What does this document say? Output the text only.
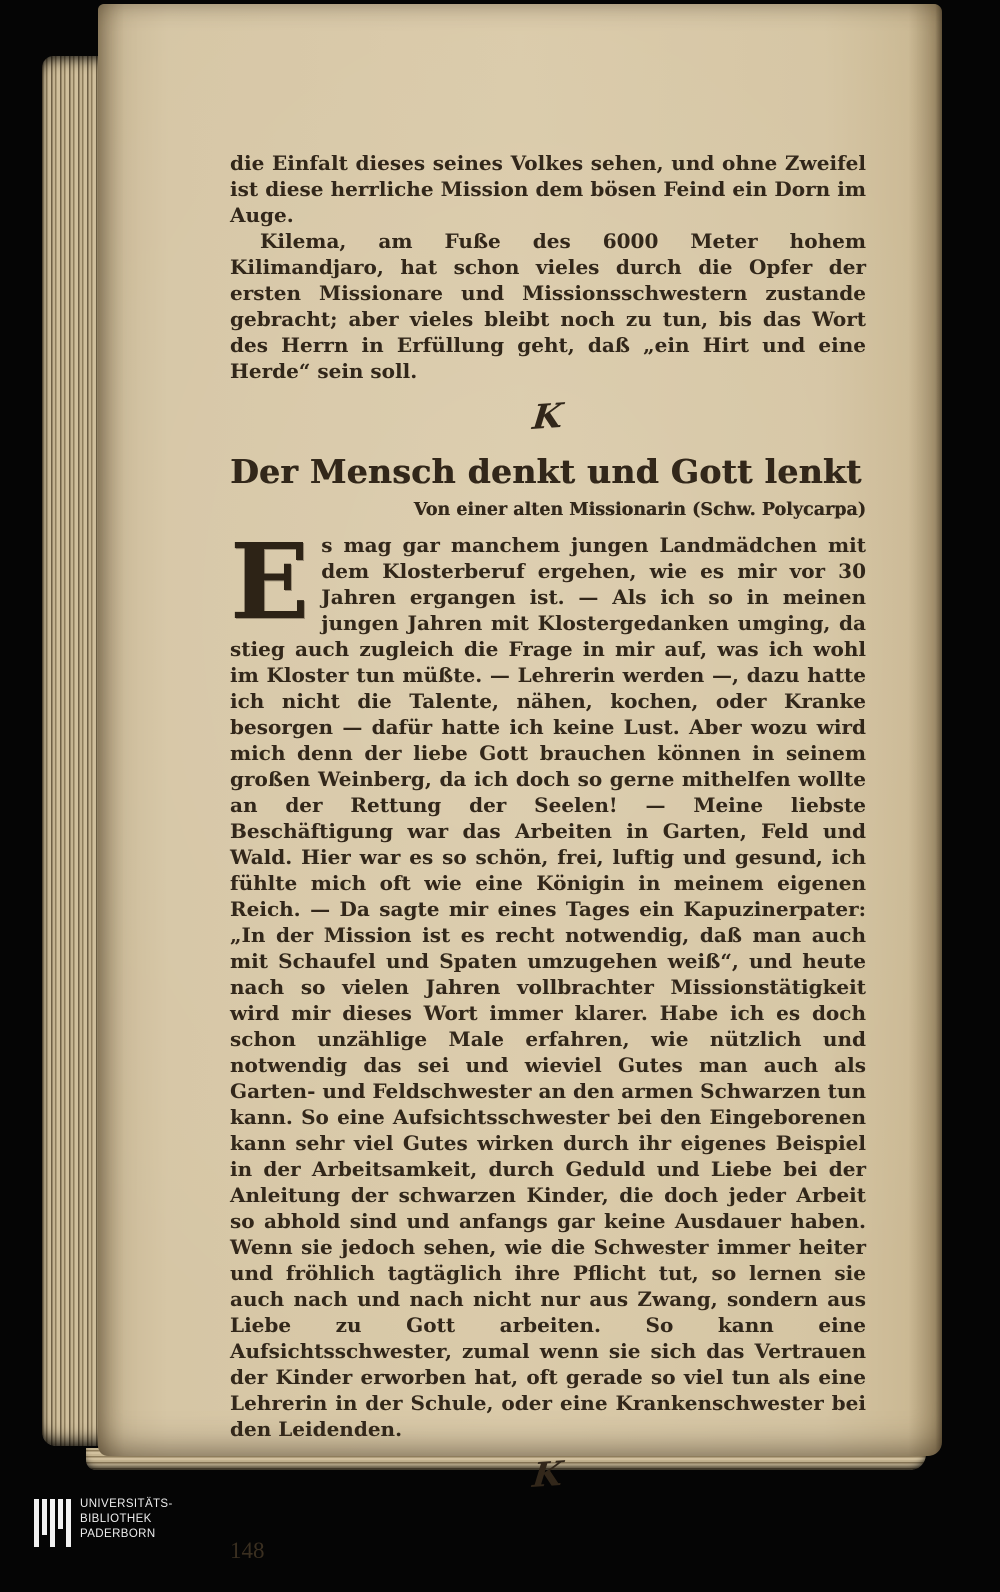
die Einfalt dieses seines Volkes sehen, und ohne Zweifel ist diese herrliche Mission dem bösen Feind ein Dorn im Auge.

Kilema, am Fuße des 6000 Meter hohem Kilimandjaro, hat schon vieles durch die Opfer der ersten Missionare und Missionsschwestern zustande gebracht; aber vieles bleibt noch zu tun, bis das Wort des Herrn in Erfüllung geht, daß „ein Hirt und eine Herde“ sein soll.

K
Der Mensch denkt und Gott lenkt
Von einer alten Missionarin (Schw. Polycarpa)

Es mag gar manchem jungen Landmädchen mit dem Klosterberuf ergehen, wie es mir vor 30 Jahren ergangen ist. — Als ich so in meinen jungen Jahren mit Klostergedanken umging, da stieg auch zugleich die Frage in mir auf, was ich wohl im Kloster tun müßte. — Lehrerin werden —, dazu hatte ich nicht die Talente, nähen, kochen, oder Kranke besorgen — dafür hatte ich keine Lust. Aber wozu wird mich denn der liebe Gott brauchen können in seinem großen Weinberg, da ich doch so gerne mithelfen wollte an der Rettung der Seelen! — Meine liebste Beschäftigung war das Arbeiten in Garten, Feld und Wald. Hier war es so schön, frei, luftig und gesund, ich fühlte mich oft wie eine Königin in meinem eigenen Reich. — Da sagte mir eines Tages ein Kapuzinerpater: „In der Mission ist es recht notwendig, daß man auch mit Schaufel und Spaten umzugehen weiß“, und heute nach so vielen Jahren vollbrachter Missionstätigkeit wird mir dieses Wort immer klarer. Habe ich es doch schon unzählige Male erfahren, wie nützlich und notwendig das sei und wieviel Gutes man auch als Garten- und Feldschwester an den armen Schwarzen tun kann. So eine Aufsichtsschwester bei den Eingeborenen kann sehr viel Gutes wirken durch ihr eigenes Beispiel in der Arbeitsamkeit, durch Geduld und Liebe bei der Anleitung der schwarzen Kinder, die doch jeder Arbeit so abhold sind und anfangs gar keine Ausdauer haben. Wenn sie jedoch sehen, wie die Schwester immer heiter und fröhlich tagtäglich ihre Pflicht tut, so lernen sie auch nach und nach nicht nur aus Zwang, sondern aus Liebe zu Gott arbeiten. So kann eine Aufsichtsschwester, zumal wenn sie sich das Vertrauen der Kinder erworben hat, oft gerade so viel tun als eine Lehrerin in der Schule, oder eine Krankenschwester bei den Leidenden.

K
148
UNIVERSITÄTS-
BIBLIOTHEK
PADERBORN
